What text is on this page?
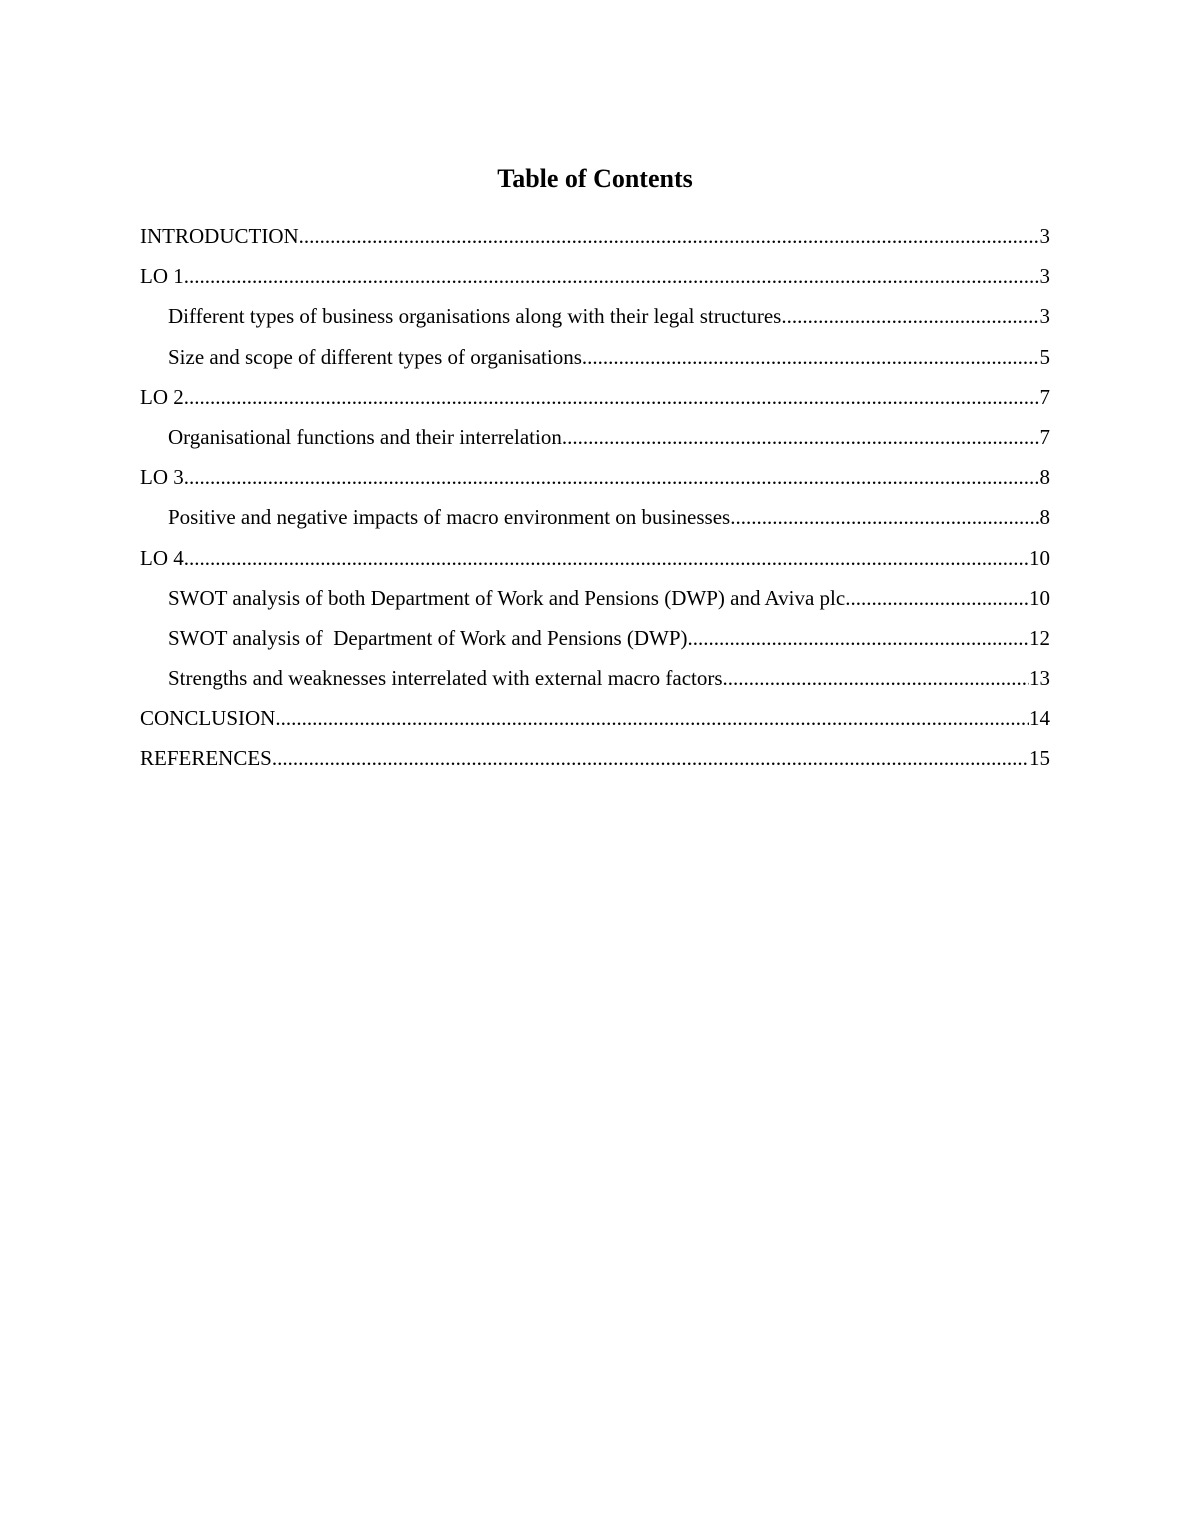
Table of Contents
INTRODUCTION .....	3
LO 1 .....	3
Different types of business organisations along with their legal structures .....	3
Size and scope of different types of organisations .....	5
LO 2 .....	7
Organisational functions and their interrelation .....	7
LO 3 .....	8
Positive and negative impacts of macro environment on businesses .....	8
LO 4 .....	10
SWOT analysis of both Department of Work and Pensions (DWP) and Aviva plc .....	10
SWOT analysis of  Department of Work and Pensions (DWP) .....	12
Strengths and weaknesses interrelated with external macro factors .....	13
CONCLUSION .....	14
REFERENCES .....	15
